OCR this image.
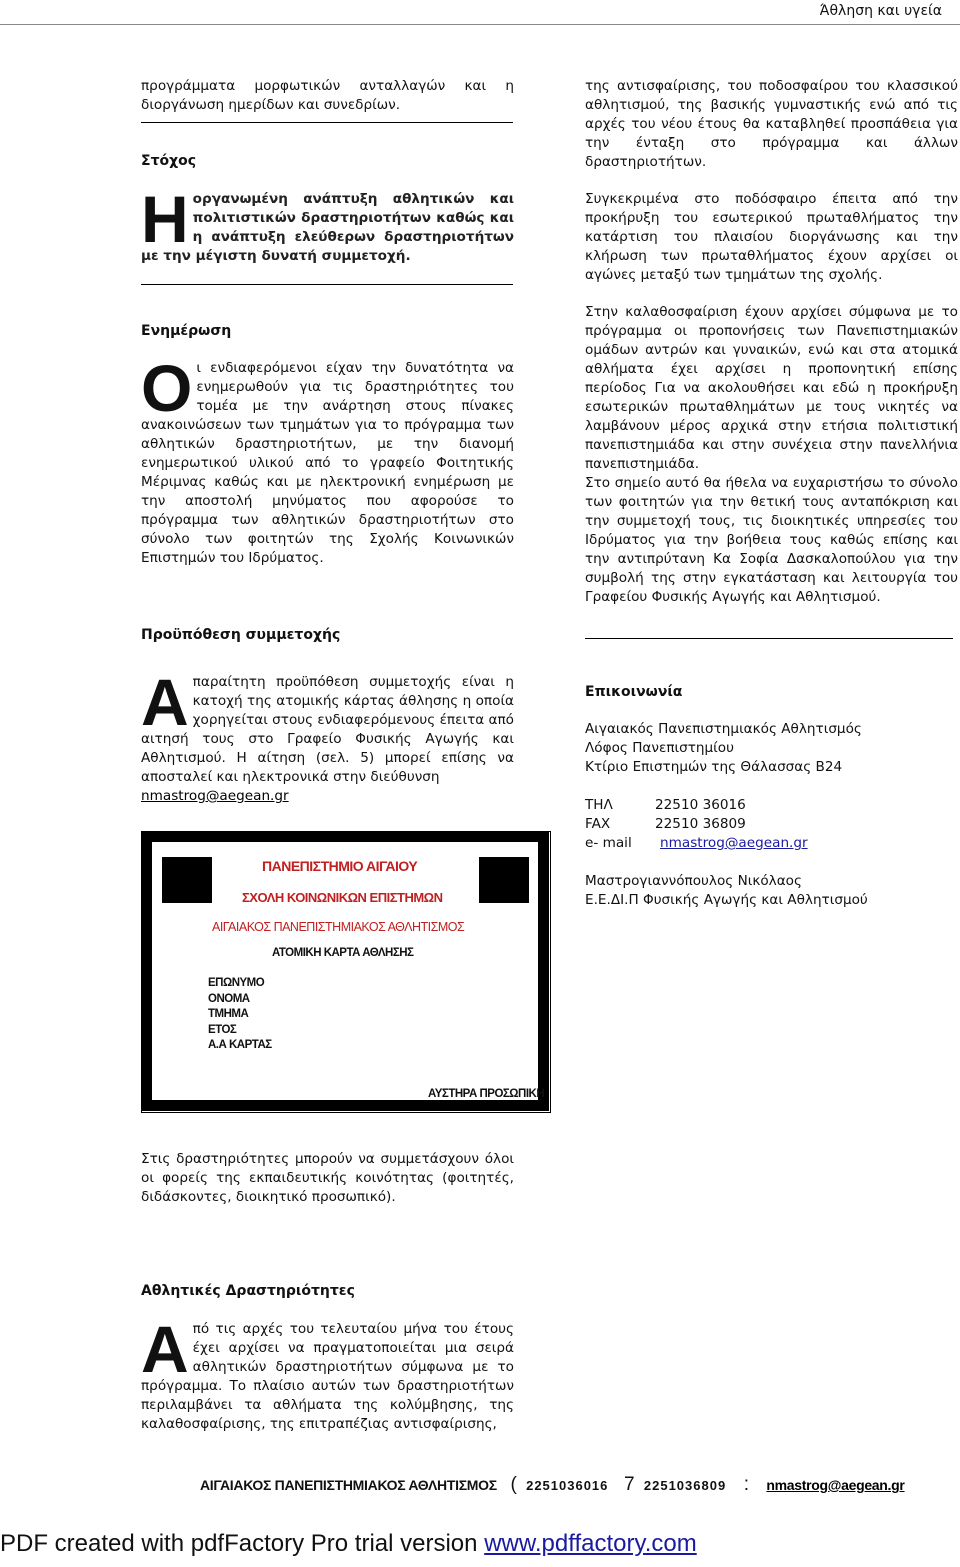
Άθληση και υγεία

προγράμματα μορφωτικών ανταλλαγών και η διοργάνωση ημερίδων και συνεδρίων.

Στόχος
Η οργανωμένη ανάπτυξη αθλητικών και πολιτιστικών δραστηριοτήτων καθώς και η ανάπτυξη ελεύθερων δραστηριοτήτων με την μέγιστη δυνατή συμμετοχή.

Ενημέρωση
Ο ι ενδιαφερόμενοι είχαν την δυνατότητα να ενημερωθούν για τις δραστηριότητες του τομέα με την ανάρτηση στους πίνακες ανακοινώσεων των τμημάτων για το πρόγραμμα των αθλητικών δραστηριοτήτων, με την διανομή ενημερωτικού υλικού από το γραφείο Φοιτητικής Μέριμνας καθώς και με ηλεκτρονική ενημέρωση με την αποστολή μηνύματος που αφορούσε το πρόγραμμα των αθλητικών δραστηριοτήτων στο σύνολο των φοιτητών της Σχολής Κοινωνικών Επιστημών του Ιδρύματος.

Προϋπόθεση συμμετοχής
Α παραίτητη προϋπόθεση συμμετοχής είναι η κατοχή της ατομικής κάρτας άθλησης η οποία χορηγείται στους ενδιαφερόμενους έπειτα από αιτησή τους στο Γραφείο Φυσικής Αγωγής και Αθλητισμού. Η αίτηση (σελ. 5) μπορεί επίσης να αποσταλεί και ηλεκτρονικά στην διεύθυνση
nmastrog@aegean.gr

ΠΑΝΕΠΙΣΤΗΜΙΟ ΑΙΓΑΙΟΥ
ΣΧΟΛΗ ΚΟΙΝΩΝΙΚΩΝ ΕΠΙΣΤΗΜΩΝ
ΑΙΓΑΙΑΚΟΣ ΠΑΝΕΠΙΣΤΗΜΙΑΚΟΣ ΑΘΛΗΤΙΣΜΟΣ
ΑΤΟΜΙΚΗ ΚΑΡΤΑ ΑΘΛΗΣΗΣ
ΕΠΩΝΥΜΟ
ΟΝΟΜΑ
ΤΜΗΜΑ
ΕΤΟΣ
Α.Α ΚΑΡΤΑΣ
ΑΥΣΤΗΡΑ ΠΡΟΣΩΠΙΚΗ

Στις δραστηριότητες μπορούν να συμμετάσχουν όλοι οι φορείς της εκπαιδευτικής κοινότητας (φοιτητές, διδάσκοντες, διοικητικό προσωπικό).

Αθλητικές Δραστηριότητες
Α πό τις αρχές του τελευταίου μήνα του έτους έχει αρχίσει να πραγματοποιείται μια σειρά αθλητικών δραστηριοτήτων σύμφωνα με το πρόγραμμα. Το πλαίσιο αυτών των δραστηριοτήτων περιλαμβάνει τα αθλήματα της κολύμβησης, της καλαθοσφαίρισης, της επιτραπέζιας αντισφαίρισης,

της αντισφαίρισης, του ποδοσφαίρου του κλασσικού αθλητισμού, της βασικής γυμναστικής ενώ από τις αρχές του νέου έτους θα καταβληθεί προσπάθεια για την ένταξη στο πρόγραμμα και άλλων δραστηριοτήτων.

Συγκεκριμένα στο ποδόσφαιρο έπειτα από την προκήρυξη του εσωτερικού πρωταθλήματος την κατάρτιση του πλαισίου διοργάνωσης και την κλήρωση των πρωταθλήματος έχουν αρχίσει οι αγώνες μεταξύ των τμημάτων της σχολής.

Στην καλαθοσφαίριση έχουν αρχίσει σύμφωνα με το πρόγραμμα οι προπονήσεις των Πανεπιστημιακών ομάδων αντρών και γυναικών, ενώ και στα ατομικά αθλήματα έχει αρχίσει η προπονητική επίσης περίοδος Για να ακολουθήσει και εδώ η προκήρυξη εσωτερικών πρωταθλημάτων με τους νικητές να λαμβάνουν μέρος αρχικά στην ετήσια πολιτιστική πανεπιστημιάδα και στην συνέχεια στην πανελλήνια πανεπιστημιάδα.

Στο σημείο αυτό θα ήθελα να ευχαριστήσω το σύνολο των φοιτητών για την θετική τους ανταπόκριση και την συμμετοχή τους, τις διοικητικές υπηρεσίες του Ιδρύματος για την βοήθεια τους καθώς επίσης και την αντιπρύτανη Κα Σοφία Δασκαλοπούλου για την συμβολή της στην εγκατάσταση και λειτουργία του Γραφείου Φυσικής Αγωγής και Αθλητισμού.

Επικοινωνία
Αιγαιακός Πανεπιστημιακός Αθλητισμός
Λόφος Πανεπιστημίου
Κτίριο Επιστημών της Θάλασσας Β24
ΤΗΛ	22510 36016
FAX	22510 36809
e- mail nmastrog@aegean.gr
Μαστρογιαννόπουλος Νικόλαος
Ε.Ε.ΔΙ.Π Φυσικής Αγωγής και Αθλητισμού
ΑΙΓΑΙΑΚΟΣ ΠΑΝΕΠΙΣΤΗΜΙΑΚΟΣ ΑΘΛΗΤΙΣΜΟΣ ( 2251036016 7 2251036809 : nmastrog@aegean.gr
PDF created with pdfFactory Pro trial version www.pdffactory.com
